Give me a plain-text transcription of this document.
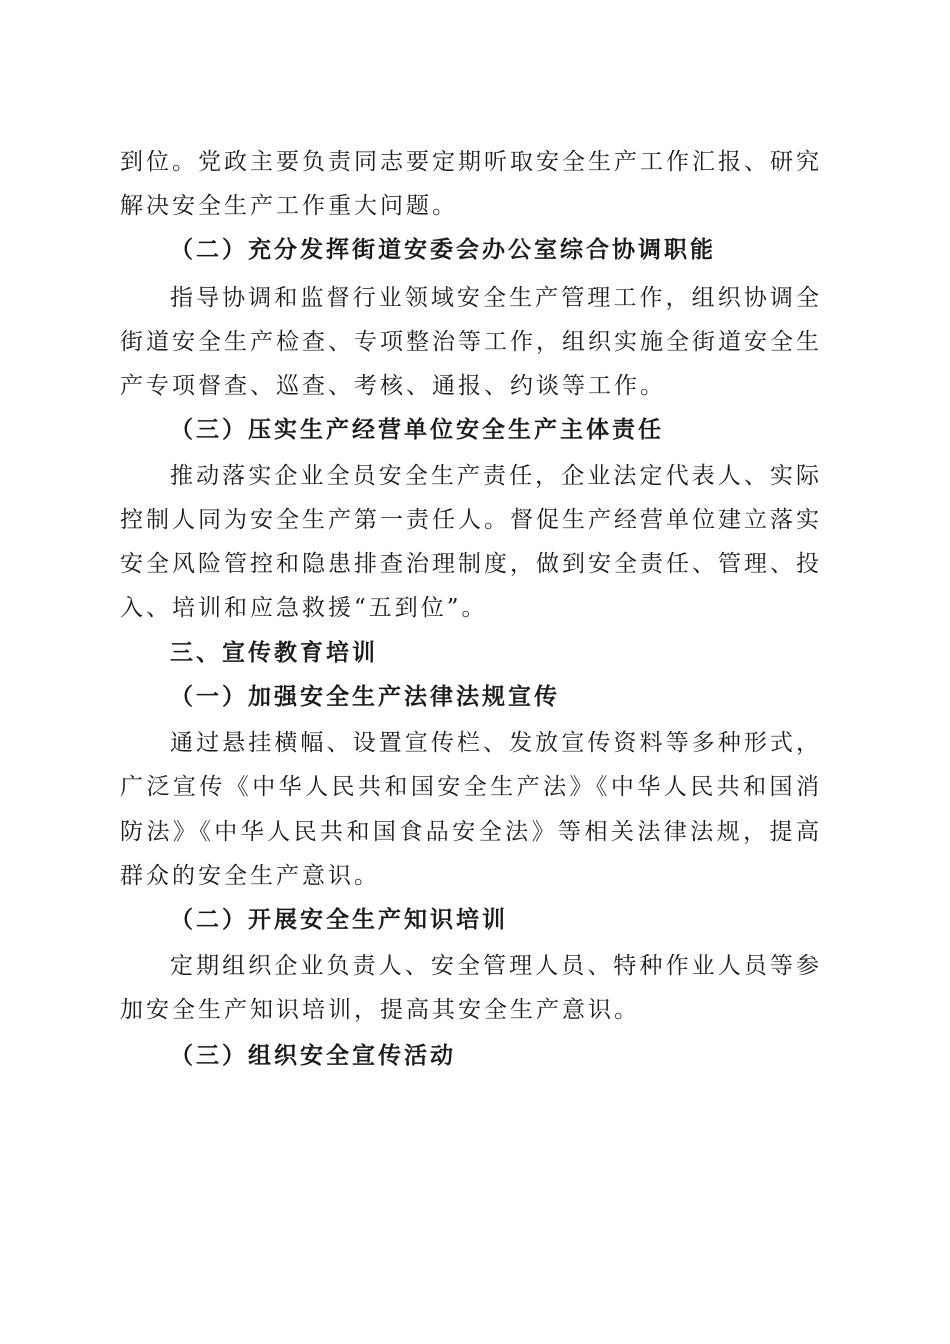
到位。党政主要负责同志要定期听取安全生产工作汇报、研究
解决安全生产工作重大问题。
（二）充分发挥街道安委会办公室综合协调职能
指导协调和监督行业领域安全生产管理工作，组织协调全
街道安全生产检查、专项整治等工作，组织实施全街道安全生
产专项督查、巡查、考核、通报、约谈等工作。
（三）压实生产经营单位安全生产主体责任
推动落实企业全员安全生产责任，企业法定代表人、实际
控制人同为安全生产第一责任人。督促生产经营单位建立落实
安全风险管控和隐患排查治理制度，做到安全责任、管理、投
入、培训和应急救援“五到位”。
三、宣传教育培训
（一）加强安全生产法律法规宣传
通过悬挂横幅、设置宣传栏、发放宣传资料等多种形式，
广泛宣传《中华人民共和国安全生产法》《中华人民共和国消
防法》《中华人民共和国食品安全法》等相关法律法规，提高
群众的安全生产意识。
（二）开展安全生产知识培训
定期组织企业负责人、安全管理人员、特种作业人员等参
加安全生产知识培训，提高其安全生产意识。
（三）组织安全宣传活动
